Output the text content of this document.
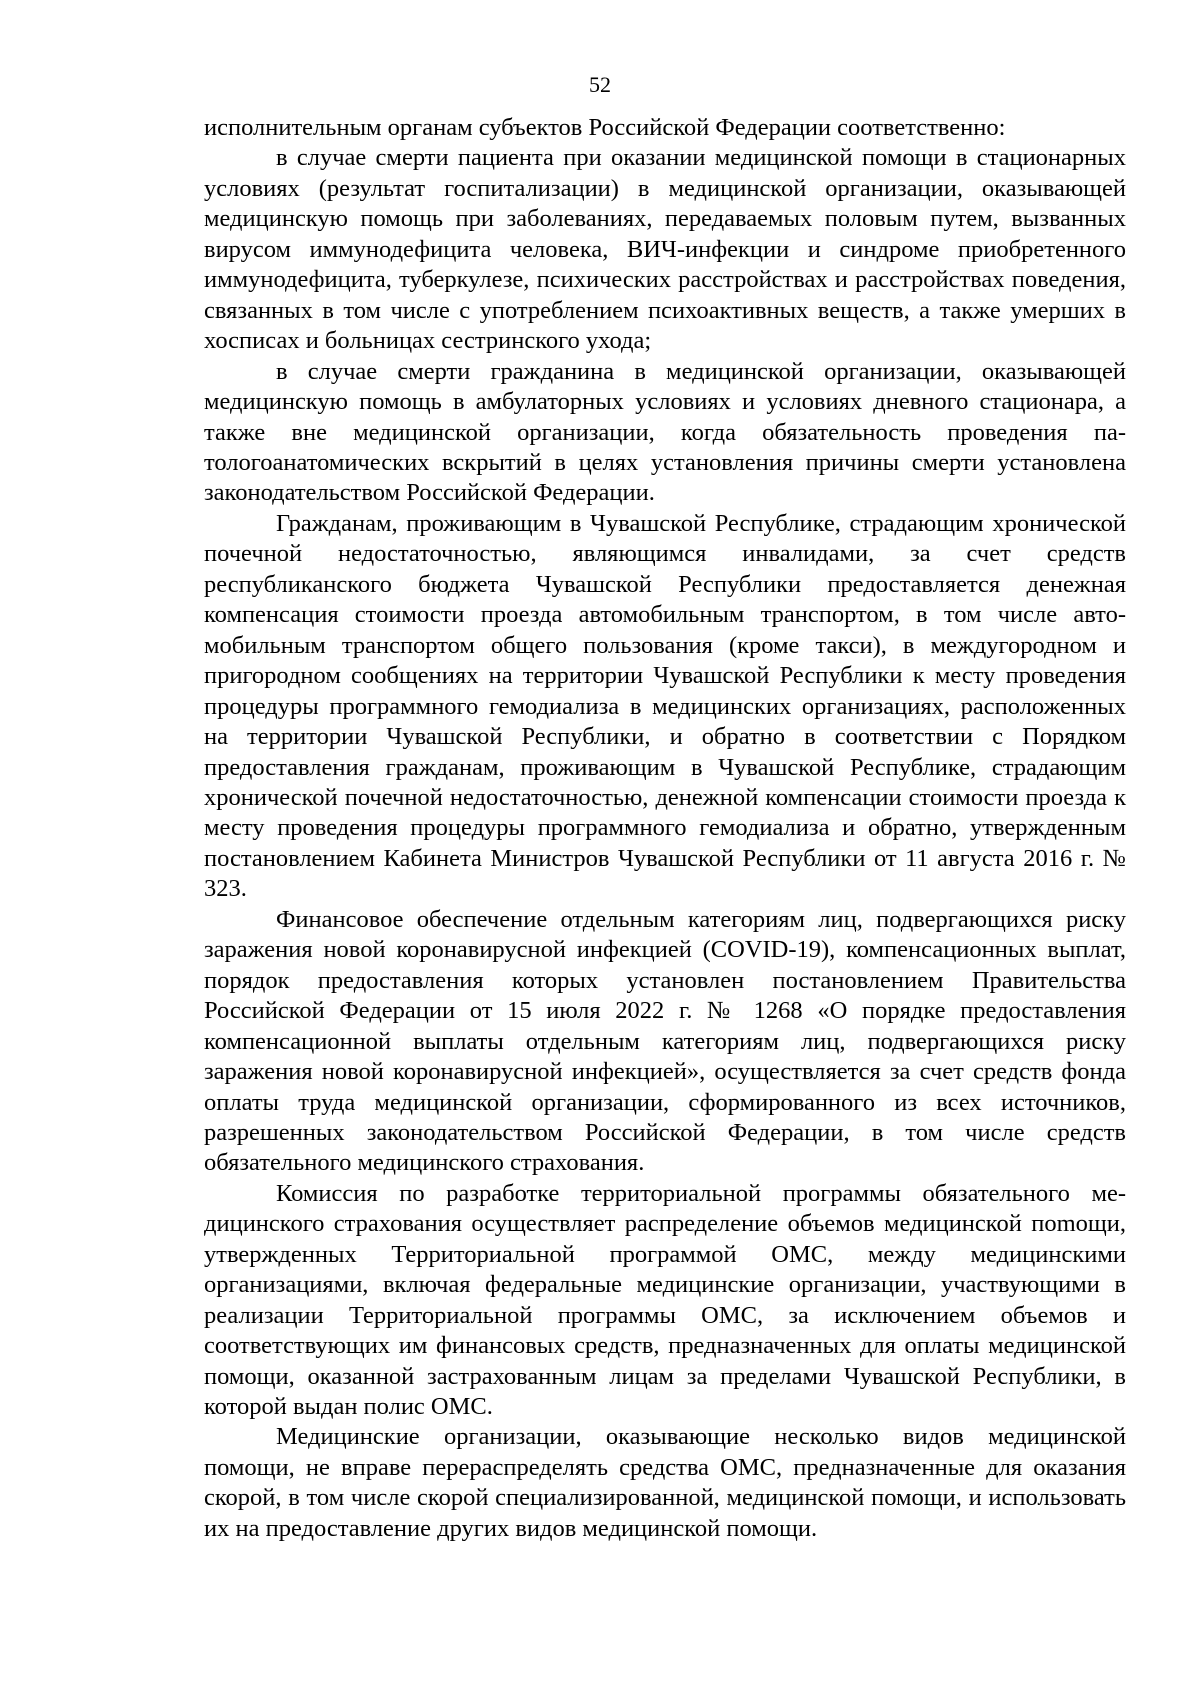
52

исполнительным органам субъектов Российской Федерации соответственно:

в случае смерти пациента при оказании медицинской помощи в стационарных условиях (результат госпитализации) в медицинской организации, оказывающей медицинскую помощь при заболеваниях, передаваемых половым путем, вызванных вирусом иммунодефицита человека, ВИЧ-инфекции и синдроме приобретенного иммунодефицита, туберкулезе, психических расстройствах и расстройствах поведения, связанных в том числе с употреблением психоактивных веществ, а также умерших в хосписах и больницах сестринского ухода;

в случае смерти гражданина в медицинской организации, оказывающей медицинскую помощь в амбулаторных условиях и условиях дневного стационара, а также вне медицинской организации, когда обязательность проведения патологоанатомических вскрытий в целях установления причины смерти установлена законодательством Российской Федерации.

Гражданам, проживающим в Чувашской Республике, страдающим хронической почечной недостаточностью, являющимся инвалидами, за счет средств республиканского бюджета Чувашской Республики предоставляется денежная компенсация стоимости проезда автомобильным транспортом, в том числе автомобильным транспортом общего пользования (кроме такси), в междугородном и пригородном сообщениях на территории Чувашской Республики к месту проведения процедуры программного гемодиализа в медицинских организациях, расположенных на территории Чувашской Республики, и обратно в соответствии с Порядком предоставления гражданам, проживающим в Чувашской Республике, страдающим хронической почечной недостаточностью, денежной компенсации стоимости проезда к месту проведения процедуры программного гемодиализа и обратно, утвержденным постановлением Кабинета Министров Чувашской Республики от 11 августа 2016 г. № 323.

Финансовое обеспечение отдельным категориям лиц, подвергающихся риску заражения новой коронавирусной инфекцией (COVID-19), компенсационных выплат, порядок предоставления которых установлен постановлением Правительства Российской Федерации от 15 июля 2022 г. № 1268 «О порядке предоставления компенсационной выплаты отдельным категориям лиц, подвергающихся риску заражения новой коронавирусной инфекцией», осуществляется за счет средств фонда оплаты труда медицинской организации, сформированного из всех источников, разрешенных законодательством Российской Федерации, в том числе средств обязательного медицинского страхования.

Комиссия по разработке территориальной программы обязательного медицинского страхования осуществляет распределение объемов медицинской поmощи, утвержденных Территориальной программой ОМС, между медицинскими организациями, включая федеральные медицинские организации, участвующими в реализации Территориальной программы ОМС, за исключением объемов и соответствующих им финансовых средств, предназначенных для оплаты медицинской помощи, оказанной застрахованным лицам за пределами Чувашской Республики, в которой выдан полис ОМС.

Медицинские организации, оказывающие несколько видов медицинской помощи, не вправе перераспределять средства ОМС, предназначенные для оказания скорой, в том числе скорой специализированной, медицинской помощи, и использовать их на предоставление других видов медицинской помощи.
